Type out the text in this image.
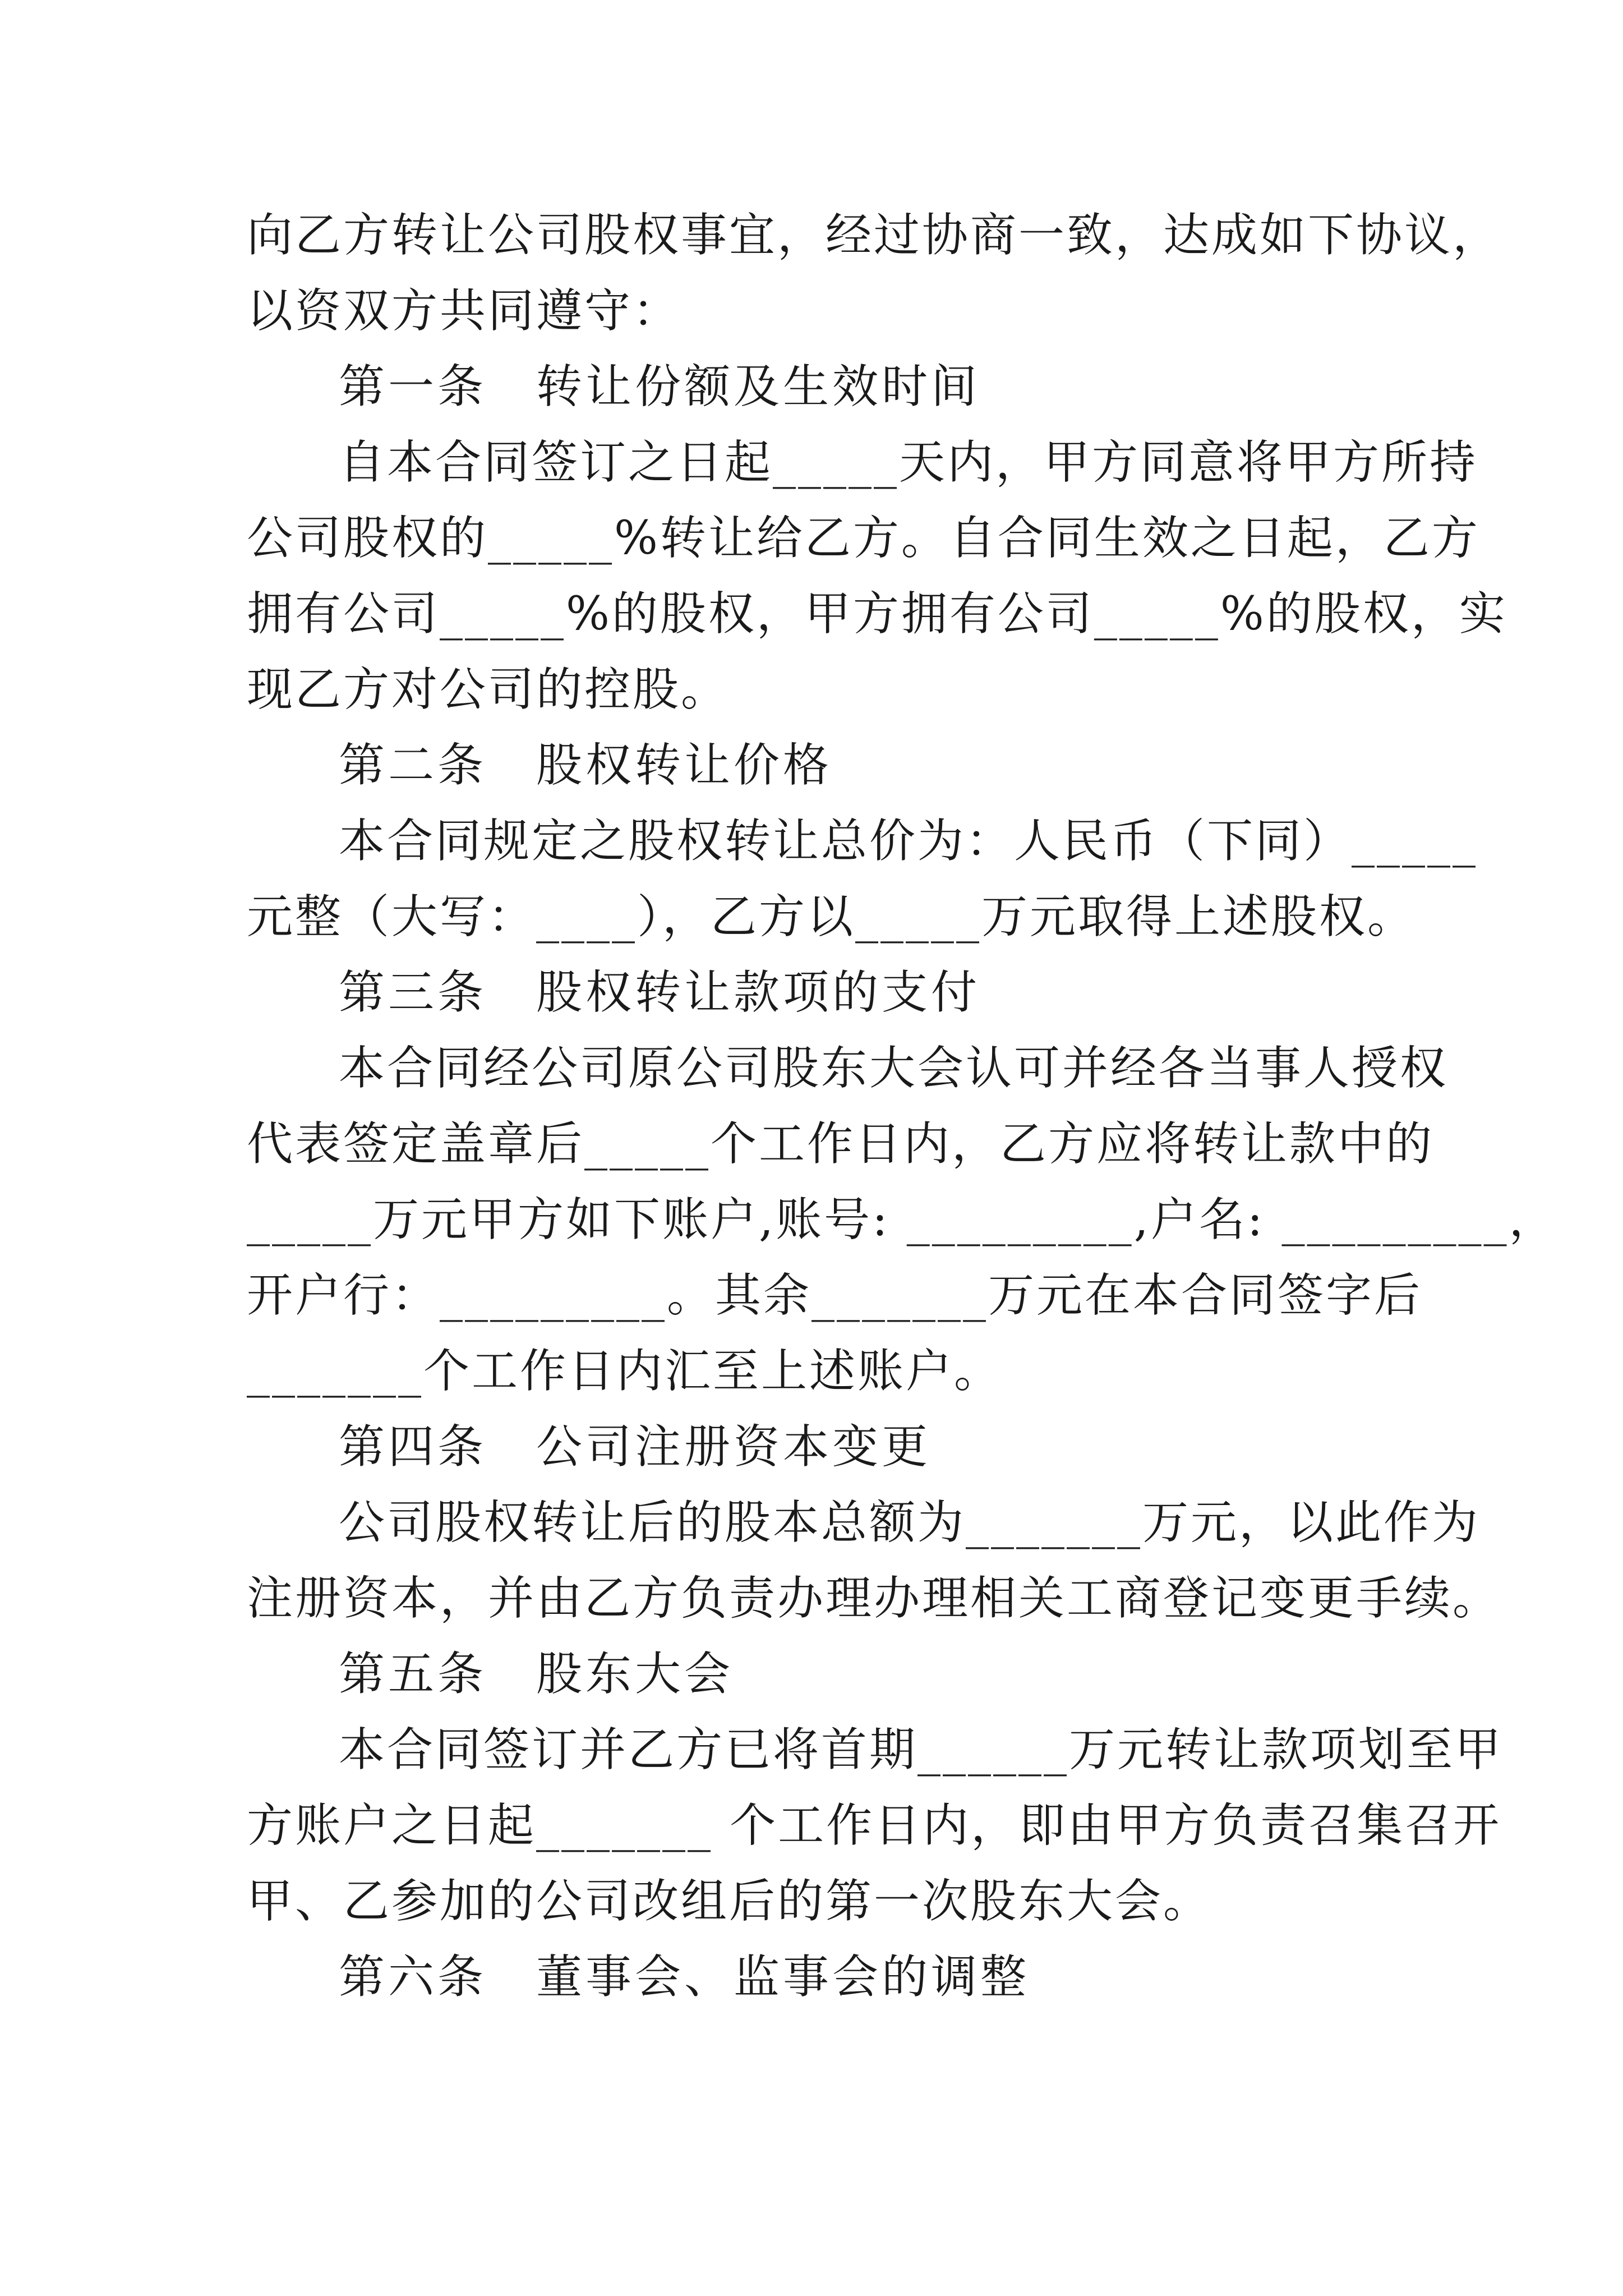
向乙方转让公司股权事宜，经过协商一致，达成如下协议，
以资双方共同遵守：
第一条　转让份额及生效时间
自本合同签订之日起_____天内，甲方同意将甲方所持
公司股权的_____%转让给乙方。自合同生效之日起，乙方
拥有公司_____%的股权，甲方拥有公司_____%的股权，实
现乙方对公司的控股。
第二条　股权转让价格
本合同规定之股权转让总价为：人民币（下同）_____
元整（大写：____），乙方以_____万元取得上述股权。
第三条　股权转让款项的支付
本合同经公司原公司股东大会认可并经各当事人授权
代表签定盖章后_____个工作日内，乙方应将转让款中的
_____万元甲方如下账户,账号: _________,户名: _________，
开户行：_________。其余_______万元在本合同签字后
_______个工作日内汇至上述账户。
第四条　公司注册资本变更
公司股权转让后的股本总额为_______万元，以此作为
注册资本，并由乙方负责办理办理相关工商登记变更手续。
第五条　股东大会
本合同签订并乙方已将首期______万元转让款项划至甲
方账户之日起_______ 个工作日内，即由甲方负责召集召开
甲、乙参加的公司改组后的第一次股东大会。
第六条　董事会、监事会的调整
